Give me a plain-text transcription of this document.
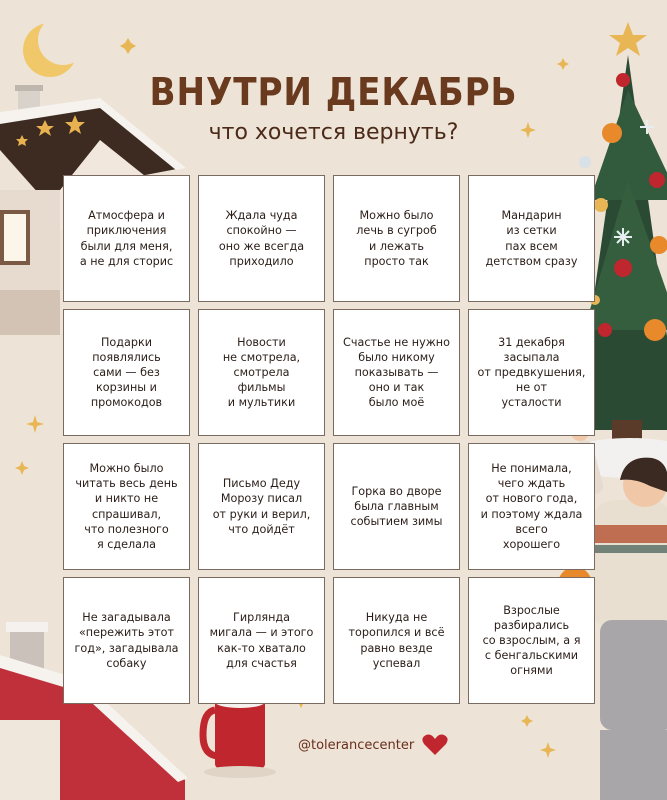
ВНУТРИ ДЕКАБРЬ
что хочется вернуть?
Атмосфера и
приключения
были для меня,
а не для сторис
Ждала чуда
спокойно —
оно же всегда
приходило
Можно было
лечь в сугроб
и лежать
просто так
Мандарин
из сетки
пах всем
детством сразу
Подарки
появлялись
сами — без
корзины и
промокодов
Новости
не смотрела,
смотрела
фильмы
и мультики
Счастье не нужно
было никому
показывать —
оно и так
было моё
31 декабря
засыпала
от предвкушения,
не от
усталости
Можно было
читать весь день
и никто не
спрашивал,
что полезного
я сделала
Письмо Деду
Морозу писал
от руки и верил,
что дойдёт
Горка во дворе
была главным
событием зимы
Не понимала,
чего ждать
от нового года,
и поэтому ждала
всего
хорошего
Не загадывала
«пережить этот
год», загадывала
собаку
Гирлянда
мигала — и этого
как-то хватало
для счастья
Никуда не
торопился и всё
равно везде
успевал
Взрослые
разбирались
со взрослым, а я
с бенгальскими
огнями
@tolerancecenter
